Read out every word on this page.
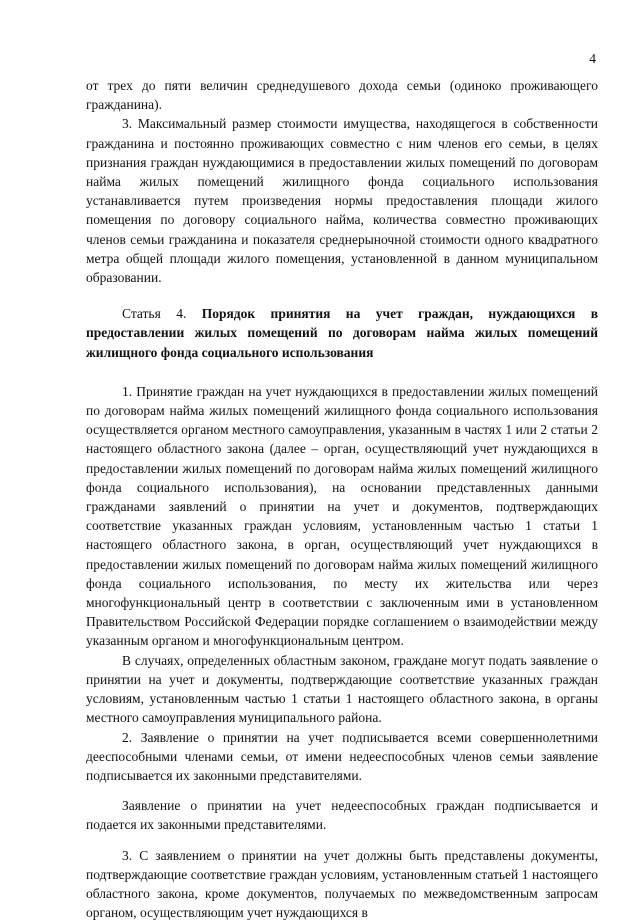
4

от трех до пяти величин среднедушевого дохода семьи (одиноко проживающего гражданина).

3. Максимальный размер стоимости имущества, находящегося в собственности гражданина и постоянно проживающих совместно с ним членов его семьи, в целях признания граждан нуждающимися в предоставлении жилых помещений по договорам найма жилых помещений жилищного фонда социального использования устанавливается путем произведения нормы предоставления площади жилого помещения по договору социального найма, количества совместно проживающих членов семьи гражданина и показателя среднерыночной стоимости одного квадратного метра общей площади жилого помещения, установленной в данном муниципальном образовании.

Статья 4. Порядок принятия на учет граждан, нуждающихся в предоставлении жилых помещений по договорам найма жилых помещений жилищного фонда социального использования

1. Принятие граждан на учет нуждающихся в предоставлении жилых помещений по договорам найма жилых помещений жилищного фонда социального использования осуществляется органом местного самоуправления, указанным в частях 1 или 2 статьи 2 настоящего областного закона (далее – орган, осуществляющий учет нуждающихся в предоставлении жилых помещений по договорам найма жилых помещений жилищного фонда социального использования), на основании представленных данными гражданами заявлений о принятии на учет и документов, подтверждающих соответствие указанных граждан условиям, установленным частью 1 статьи 1 настоящего областного закона, в орган, осуществляющий учет нуждающихся в предоставлении жилых помещений по договорам найма жилых помещений жилищного фонда социального использования, по месту их жительства или через многофункциональный центр в соответствии с заключенным ими в установленном Правительством Российской Федерации порядке соглашением о взаимодействии между указанным органом и многофункциональным центром.

В случаях, определенных областным законом, граждане могут подать заявление о принятии на учет и документы, подтверждающие соответствие указанных граждан условиям, установленным частью 1 статьи 1 настоящего областного закона, в органы местного самоуправления муниципального района.

2. Заявление о принятии на учет подписывается всеми совершеннолетними дееспособными членами семьи, от имени недееспособных членов семьи заявление подписывается их законными представителями.

Заявление о принятии на учет недееспособных граждан подписывается и подается их законными представителями.

3. С заявлением о принятии на учет должны быть представлены документы, подтверждающие соответствие граждан условиям, установленным статьей 1 настоящего областного закона, кроме документов, получаемых по межведомственным запросам органом, осуществляющим учет нуждающихся в
